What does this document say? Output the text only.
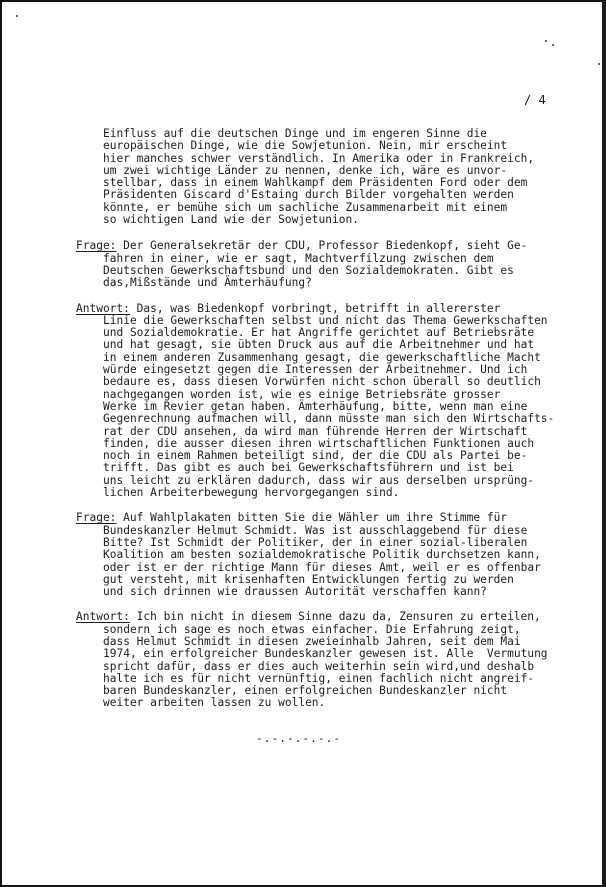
/ 4
Einfluss auf die deutschen Dinge und im engeren Sinne die
europäischen Dinge, wie die Sowjetunion. Nein, mir erscheint
hier manches schwer verständlich. In Amerika oder in Frankreich,
um zwei wichtige Länder zu nennen, denke ich, wäre es unvor-
stellbar, dass in einem Wahlkampf dem Präsidenten Ford oder dem
Präsidenten Giscard d'Estaing durch Bilder vorgehalten werden
könnte, er bemühe sich um sachliche Zusammenarbeit mit einem
so wichtigen Land wie der Sowjetunion.
Frage: Der Generalsekretär der CDU, Professor Biedenkopf, sieht Ge-
fahren in einer, wie er sagt, Machtverfilzung zwischen dem
Deutschen Gewerkschaftsbund und den Sozialdemokraten. Gibt es
das,Mißstände und Ämterhäufung?
Antwort: Das, was Biedenkopf vorbringt, betrifft in allererster
Linie die Gewerkschaften selbst und nicht das Thema Gewerkschaften
und Sozialdemokratie. Er hat Angriffe gerichtet auf Betriebsräte
und hat gesagt, sie übten Druck aus auf die Arbeitnehmer und hat
in einem anderen Zusammenhang gesagt, die gewerkschaftliche Macht
würde eingesetzt gegen die Interessen der Arbeitnehmer. Und ich
bedaure es, dass diesen Vorwürfen nicht schon überall so deutlich
nachgegangen worden ist, wie es einige Betriebsräte grosser
Werke im Revier getan haben. Ämterhäufung, bitte, wenn man eine
Gegenrechnung aufmachen will, dann müsste man sich den Wirtschafts-
rat der CDU ansehen, da wird man führende Herren der Wirtschaft
finden, die ausser diesen ihren wirtschaftlichen Funktionen auch
noch in einem Rahmen beteiligt sind, der die CDU als Partei be-
trifft. Das gibt es auch bei Gewerkschaftsführern und ist bei
uns leicht zu erklären dadurch, dass wir aus derselben ursprüng-
lichen Arbeiterbewegung hervorgegangen sind.
Frage: Auf Wahlplakaten bitten Sie die Wähler um ihre Stimme für
Bundeskanzler Helmut Schmidt. Was ist ausschlaggebend für diese
Bitte? Ist Schmidt der Politiker, der in einer sozial-liberalen
Koalition am besten sozialdemokratische Politik durchsetzen kann,
oder ist er der richtige Mann für dieses Amt, weil er es offenbar
gut versteht, mit krisenhaften Entwicklungen fertig zu werden
und sich drinnen wie draussen Autorität verschaffen kann?
Antwort: Ich bin nicht in diesem Sinne dazu da, Zensuren zu erteilen,
sondern ich sage es noch etwas einfacher. Die Erfahrung zeigt,
dass Helmut Schmidt in diesen zweieinhalb Jahren, seit dem Mai
1974, ein erfolgreicher Bundeskanzler gewesen ist. Alle  Vermutung
spricht dafür, dass er dies auch weiterhin sein wird,und deshalb
halte ich es für nicht vernünftig, einen fachlich nicht angreif-
baren Bundeskanzler, einen erfolgreichen Bundeskanzler nicht
weiter arbeiten lassen zu wollen.
-.-.-.-.-.-
